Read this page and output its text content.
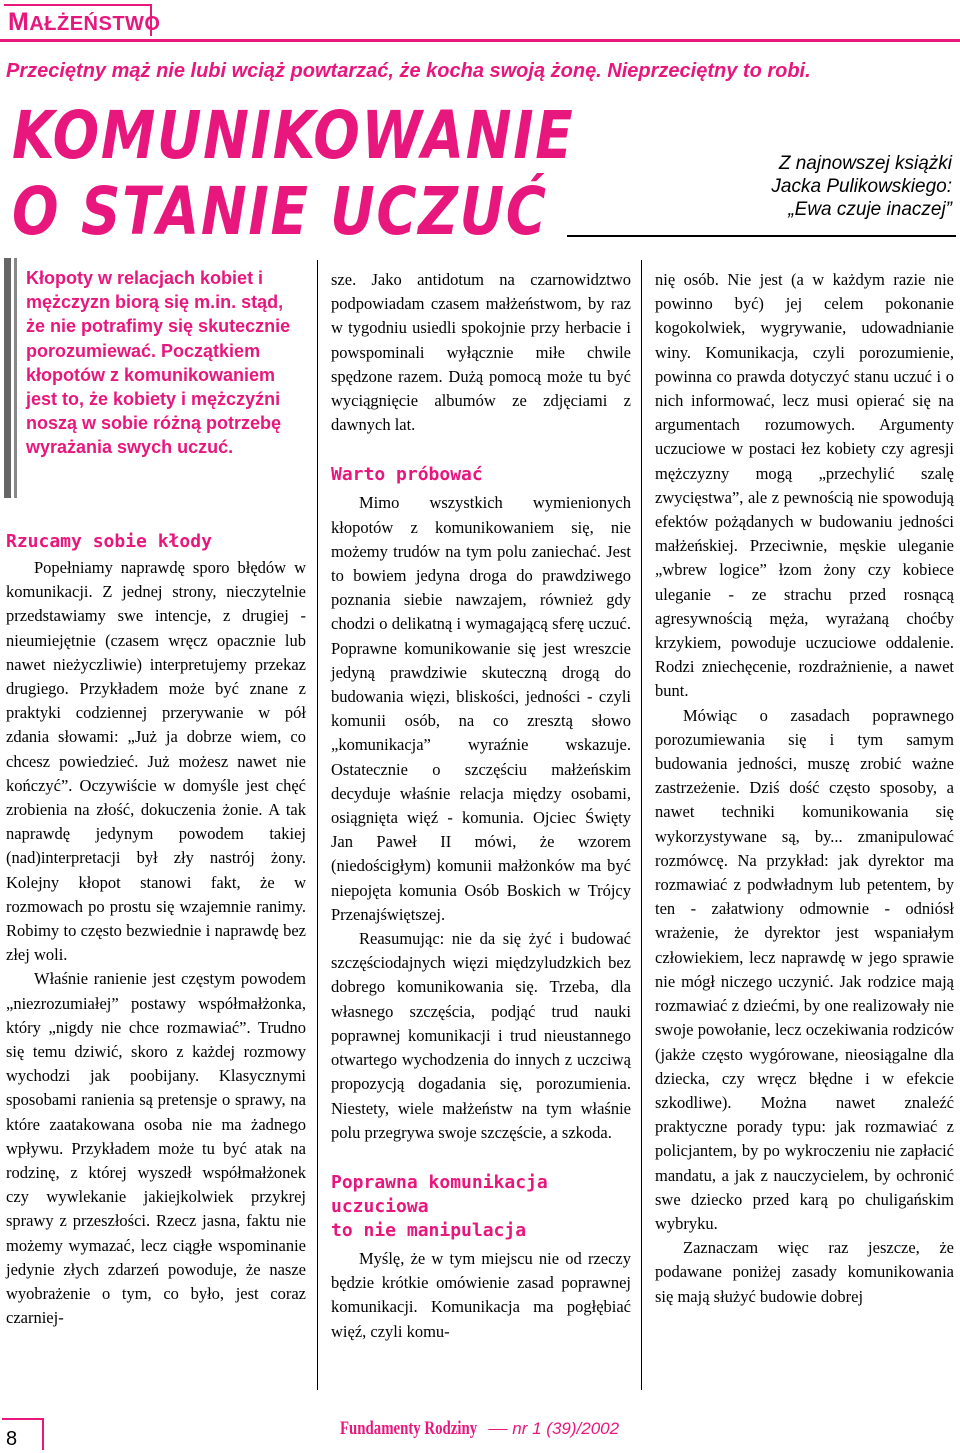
MAŁŻEŃSTWO
Przeciętny mąż nie lubi wciąż powtarzać, że kocha swoją żonę. Nieprzeciętny to robi.
KOMUNIKOWANIE
O STANIE UCZUĆ
Z najnowszej książki
Jacka Pulikowskiego:
„Ewa czuje inaczej”

Kłopoty w relacjach kobiet i mężczyzn biorą się m.in. stąd, że nie potrafimy się skutecznie porozumiewać. Początkiem kłopotów z komunikowaniem jest to, że kobiety i mężczyźni noszą w sobie różną potrzebę wyrażania swych uczuć.

Rzucamy sobie kłody

Popełniamy naprawdę sporo błędów w komunikacji. Z jednej strony, nieczytelnie przedstawiamy swe intencje, z drugiej - nieumiejętnie (czasem wręcz opacznie lub nawet nieżyczliwie) interpretujemy przekaz drugiego. Przykładem może być znane z praktyki codziennej przerywanie w pół zdania słowami: „Już ja dobrze wiem, co chcesz powiedzieć. Już możesz nawet nie kończyć”. Oczywiście w domyśle jest chęć zrobienia na złość, dokuczenia żonie. A tak naprawdę jedynym powodem takiej (nad)interpretacji był zły nastrój żony. Kolejny kłopot stanowi fakt, że w rozmowach po prostu się wzajemnie ranimy. Robimy to często bezwiednie i naprawdę bez złej woli.

Właśnie ranienie jest częstym powodem „niezrozumiałej” postawy współmałżonka, który „nigdy nie chce rozmawiać”. Trudno się temu dziwić, skoro z każdej rozmowy wychodzi jak poobijany. Klasycznymi sposobami ranienia są pretensje o sprawy, na które zaatakowana osoba nie ma żadnego wpływu. Przykładem może tu być atak na rodzinę, z której wyszedł współmałżonek czy wywlekanie jakiejkolwiek przykrej sprawy z przeszłości. Rzecz jasna, faktu nie możemy wymazać, lecz ciągłe wspominanie jedynie złych zdarzeń powoduje, że nasze wyobrażenie o tym, co było, jest coraz czarniej-

sze. Jako antidotum na czarnowidztwo podpowiadam czasem małżeństwom, by raz w tygodniu usiedli spokojnie przy herbacie i powspominali wyłącznie miłe chwile spędzone razem. Dużą pomocą może tu być wyciągnięcie albumów ze zdjęciami z dawnych lat.

Warto próbować

Mimo wszystkich wymienionych kłopotów z komunikowaniem się, nie możemy trudów na tym polu zaniechać. Jest to bowiem jedyna droga do prawdziwego poznania siebie nawzajem, również gdy chodzi o delikatną i wymagającą sferę uczuć. Poprawne komunikowanie się jest wreszcie jedyną prawdziwie skuteczną drogą do budowania więzi, bliskości, jedności - czyli komunii osób, na co zresztą słowo „komunikacja” wyraźnie wskazuje. Ostatecznie o szczęściu małżeńskim decyduje właśnie relacja między osobami, osiągnięta więź - komunia. Ojciec Święty Jan Paweł II mówi, że wzorem (niedościgłym) komunii małżonków ma być niepojęta komunia Osób Boskich w Trójcy Przenajświętszej.

Reasumując: nie da się żyć i budować szczęściodajnych więzi międzyludzkich bez dobrego komunikowania się. Trzeba, dla własnego szczęścia, podjąć trud nauki poprawnej komunikacji i trud nieustannego otwartego wychodzenia do innych z uczciwą propozycją dogadania się, porozumienia. Niestety, wiele małżeństw na tym właśnie polu przegrywa swoje szczęście, a szkoda.

Poprawna komunikacja
uczuciowa
to nie manipulacja

Myślę, że w tym miejscu nie od rzeczy będzie krótkie omówienie zasad poprawnej komunikacji. Komunikacja ma pogłębiać więź, czyli komu-

nię osób. Nie jest (a w każdym razie nie powinno być) jej celem pokonanie kogokolwiek, wygrywanie, udowadnianie winy. Komunikacja, czyli porozumienie, powinna co prawda dotyczyć stanu uczuć i o nich informować, lecz musi opierać się na argumentach rozumowych. Argumenty uczuciowe w postaci łez kobiety czy agresji mężczyzny mogą „przechylić szalę zwycięstwa”, ale z pewnością nie spowodują efektów pożądanych w budowaniu jedności małżeńskiej. Przeciwnie, męskie uleganie „wbrew logice” łzom żony czy kobiece uleganie - ze strachu przed rosnącą agresywnością męża, wyrażaną choćby krzykiem, powoduje uczuciowe oddalenie. Rodzi zniechęcenie, rozdrażnienie, a nawet bunt.

Mówiąc o zasadach poprawnego porozumiewania się i tym samym budowania jedności, muszę zrobić ważne zastrzeżenie. Dziś dość często sposoby, a nawet techniki komunikowania się wykorzystywane są, by... zmanipulować rozmówcę. Na przykład: jak dyrektor ma rozmawiać z podwładnym lub petentem, by ten - załatwiony odmownie - odniósł wrażenie, że dyrektor jest wspaniałym człowiekiem, lecz naprawdę w jego sprawie nie mógł niczego uczynić. Jak rodzice mają rozmawiać z dziećmi, by one realizowały nie swoje powołanie, lecz oczekiwania rodziców (jakże często wygórowane, nieosiągalne dla dziecka, czy wręcz błędne i w efekcie szkodliwe). Można nawet znaleźć praktyczne porady typu: jak rozmawiać z policjantem, by po wykroczeniu nie zapłacić mandatu, a jak z nauczycielem, by ochronić swe dziecko przed karą po chuligańskim wybryku.

Zaznaczam więc raz jeszcze, że podawane poniżej zasady komunikowania się mają służyć budowie dobrej

8	Fundamenty Rodziny — nr 1 (39)/2002
